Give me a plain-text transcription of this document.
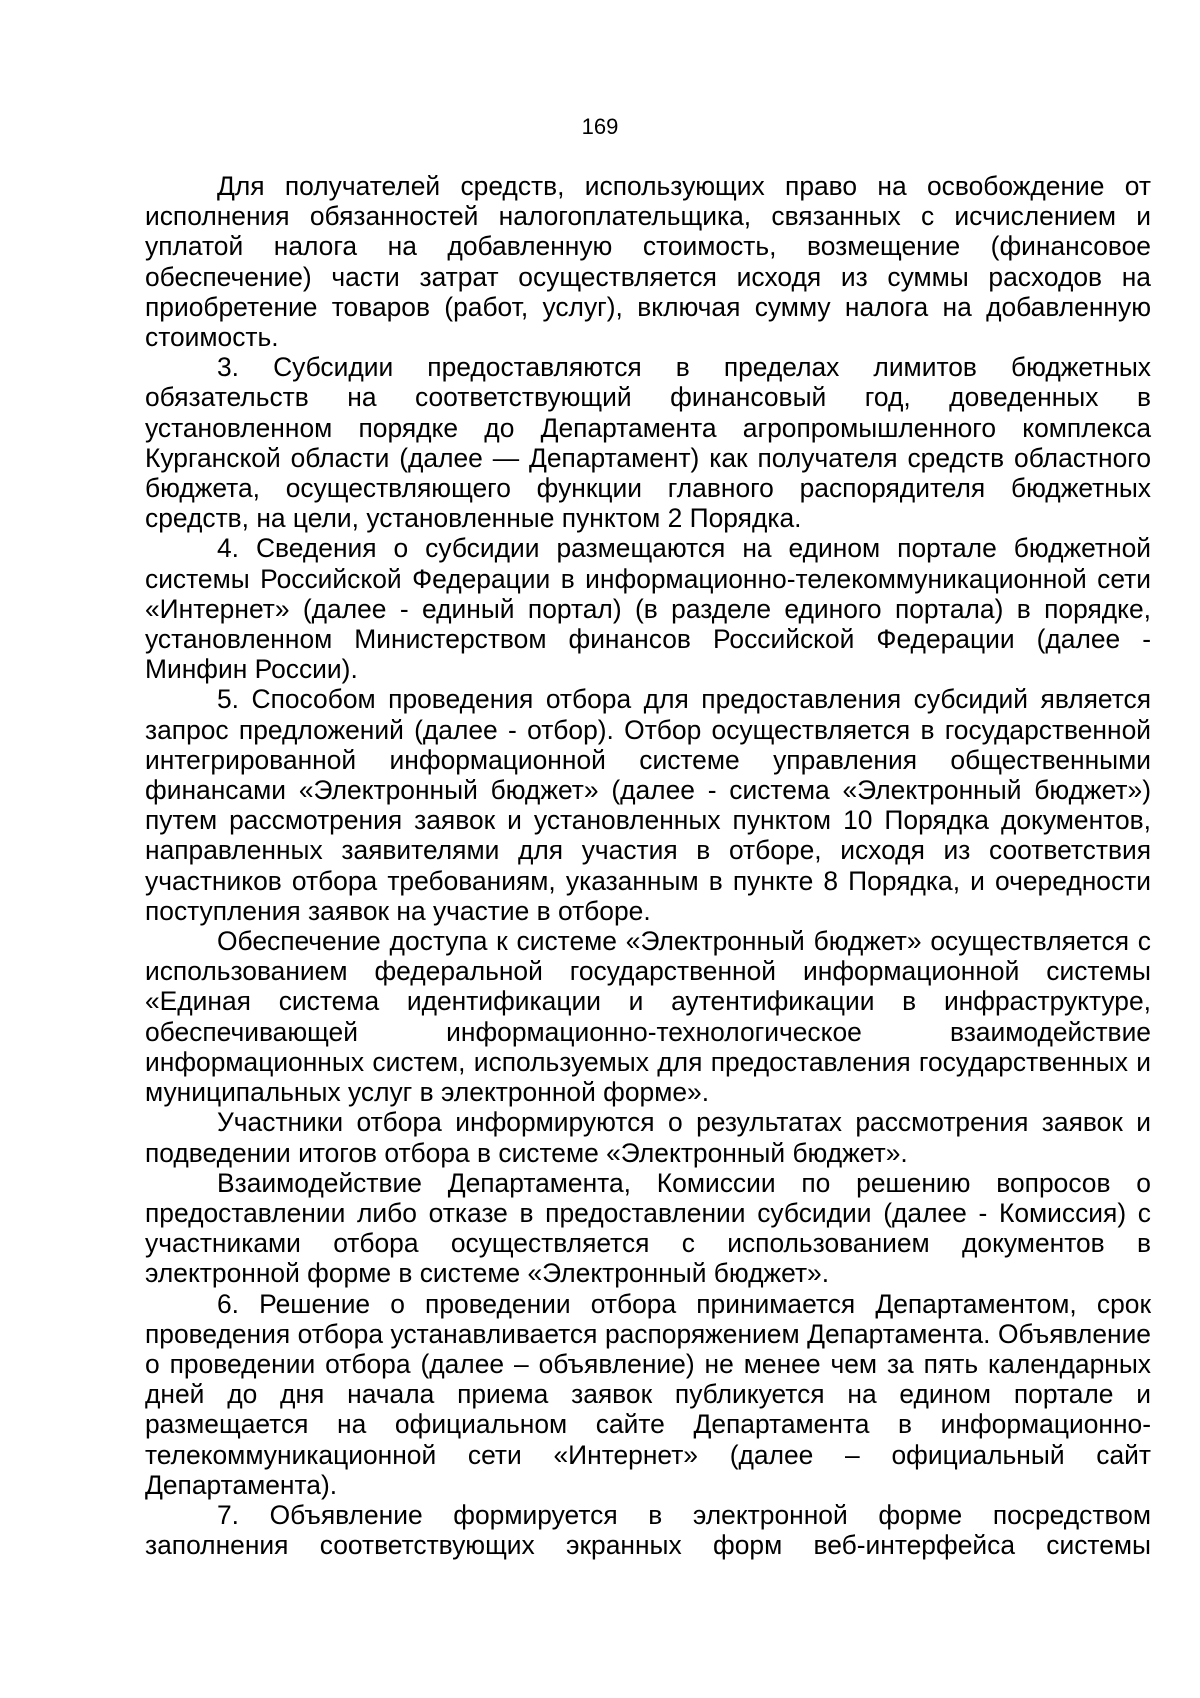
169

Для получателей средств, использующих право на освобождение от исполнения обязанностей налогоплательщика, связанных с исчислением и уплатой налога на добавленную стоимость, возмещение (финансовое обеспечение) части затрат осуществляется исходя из суммы расходов на приобретение товаров (работ, услуг), включая сумму налога на добавленную стоимость.

3. Субсидии предоставляются в пределах лимитов бюджетных обязательств на соответствующий финансовый год, доведенных в установленном порядке до Департамента агропромышленного комплекса Курганской области (далее — Департамент) как получателя средств областного бюджета, осуществляющего функции главного распорядителя бюджетных средств, на цели, установленные пунктом 2 Порядка.

4. Сведения о субсидии размещаются на едином портале бюджетной системы Российской Федерации в информационно-телекоммуникационной сети «Интернет» (далее - единый портал) (в разделе единого портала) в порядке, установленном Министерством финансов Российской Федерации (далее - Минфин России).

5. Способом проведения отбора для предоставления субсидий является запрос предложений (далее - отбор). Отбор осуществляется в государственной интегрированной информационной системе управления общественными финансами «Электронный бюджет» (далее - система «Электронный бюджет») путем рассмотрения заявок и установленных пунктом 10 Порядка документов, направленных заявителями для участия в отборе, исходя из соответствия участников отбора требованиям, указанным в пункте 8 Порядка, и очередности поступления заявок на участие в отборе.

Обеспечение доступа к системе «Электронный бюджет» осуществляется с использованием федеральной государственной информационной системы «Единая система идентификации и аутентификации в инфраструктуре, обеспечивающей информационно-технологическое взаимодействие информационных систем, используемых для предоставления государственных и муниципальных услуг в электронной форме».

Участники отбора информируются о результатах рассмотрения заявок и подведении итогов отбора в системе «Электронный бюджет».

Взаимодействие Департамента, Комиссии по решению вопросов о предоставлении либо отказе в предоставлении субсидии (далее - Комиссия) с участниками отбора осуществляется с использованием документов в электронной форме в системе «Электронный бюджет».

6. Решение о проведении отбора принимается Департаментом, срок проведения отбора устанавливается распоряжением Департамента. Объявление о проведении отбора (далее – объявление) не менее чем за пять календарных дней до дня начала приема заявок публикуется на едином портале и размещается на официальном сайте Департамента в информационно-телекоммуникационной сети «Интернет» (далее – официальный сайт Департамента).

7. Объявление формируется в электронной форме посредством заполнения соответствующих экранных форм веб-интерфейса системы
